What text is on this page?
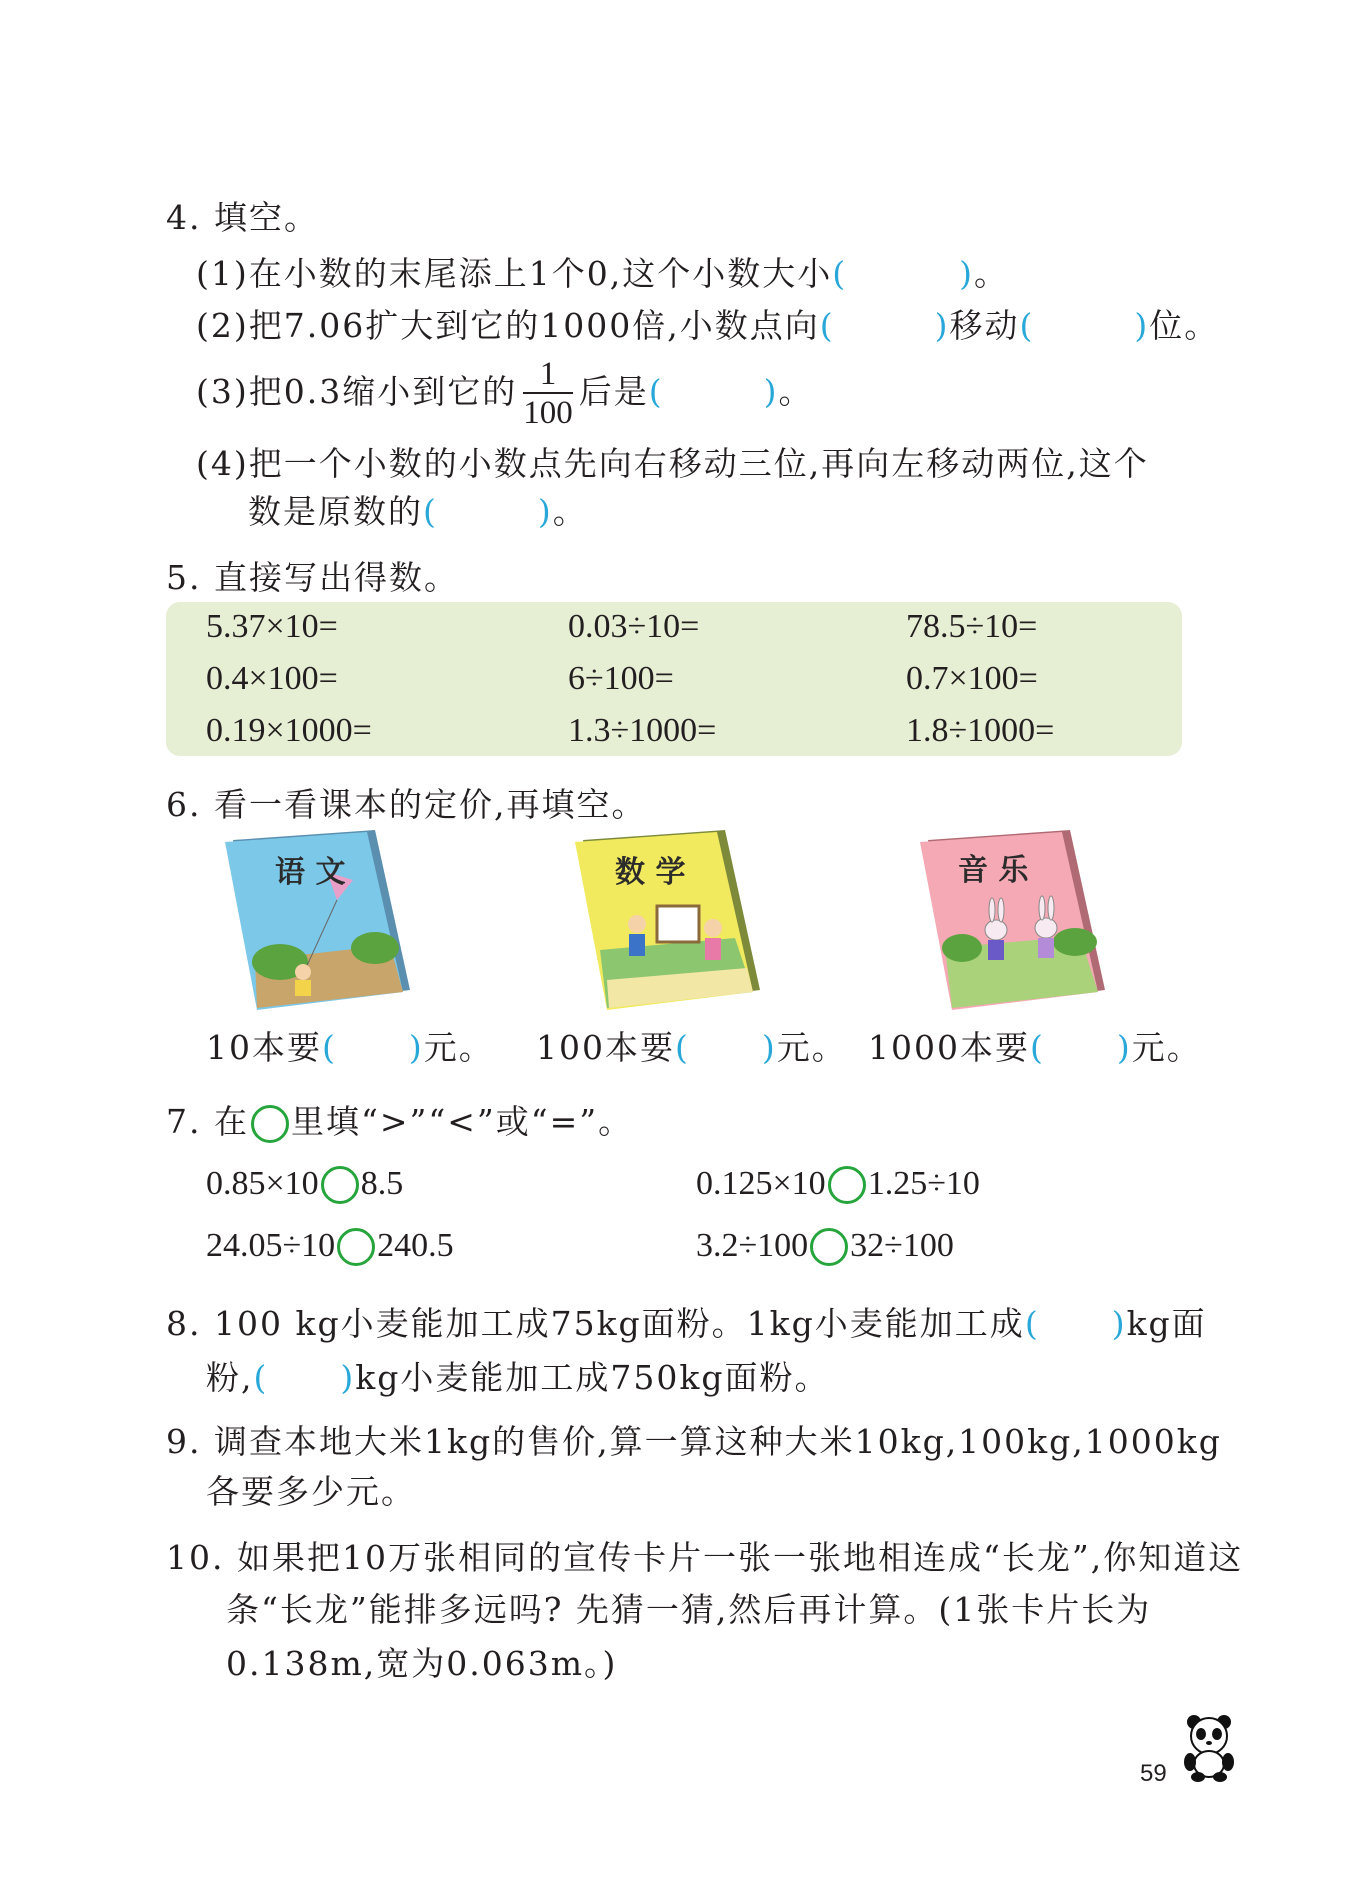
4. 填空。
(1)在小数的末尾添上1个0,这个小数大小(	)。
(2)把7.06扩大到它的1000倍,小数点向(	)移动(	)位。
(3)把0.3缩小到它的 $\frac{1}{100}$ 后是(	)。
(4)把一个小数的小数点先向右移动三位,再向左移动两位,这个
数是原数的(	)。
5. 直接写出得数。
5.37×10=	0.03÷10=	78.5÷10=
0.4×100=	6÷100=	0.7×100=
0.19×1000=	1.3÷1000=	1.8÷1000=
6. 看一看课本的定价,再填空。
语 文	数 学	音 乐
10本要( )元。 100本要( )元。 1000本要( )元。
7. 在 里填“>”“<”或“=”。
0.85×10 8.5	0.125×10 1.25÷10
24.05÷10 240.5	3.2÷100 32÷100
8. 100 kg小麦能加工成75kg面粉。1kg小麦能加工成( )kg面
粉,( )kg小麦能加工成750kg面粉。
9. 调查本地大米1kg的售价,算一算这种大米10kg,100kg,1000kg
各要多少元。
10. 如果把10万张相同的宣传卡片一张一张地相连成“长龙”,你知道这
条“长龙”能排多远吗? 先猜一猜,然后再计算。(1张卡片长为
0.138m,宽为0.063m。)
59
